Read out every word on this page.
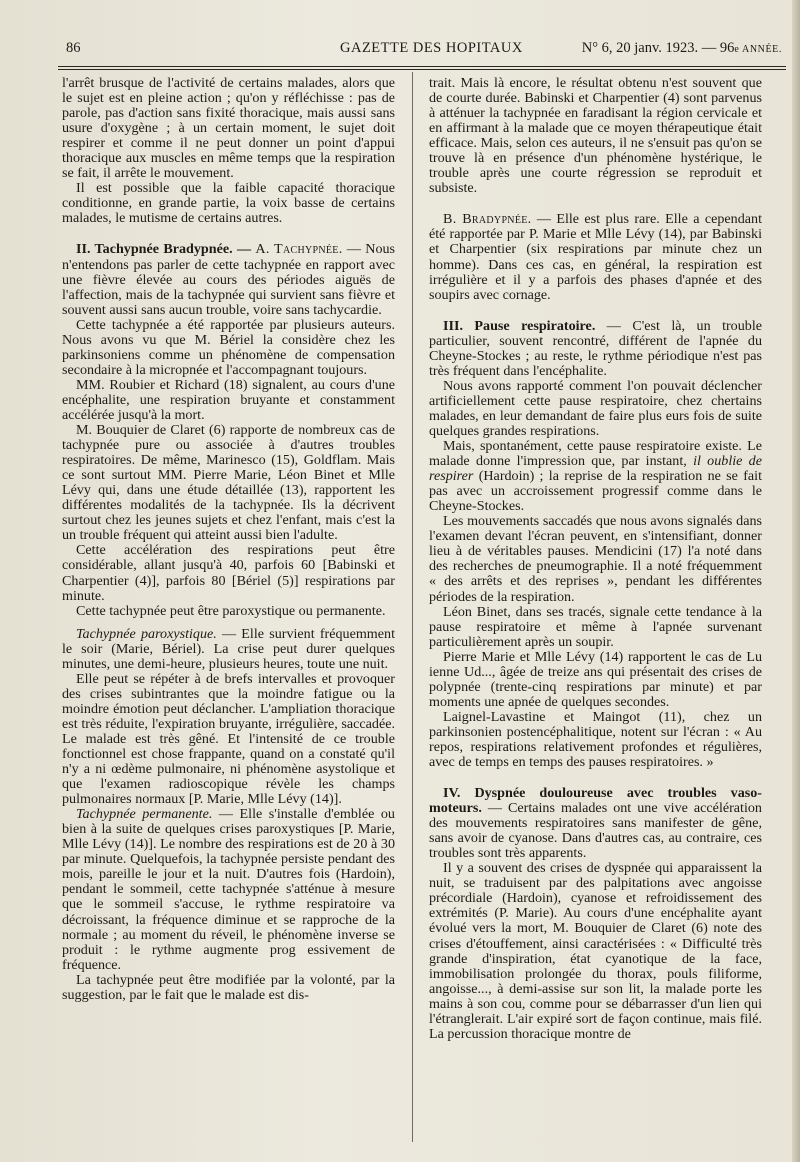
86	GAZETTE DES HOPITAUX	N° 6, 20 janv. 1923. — 96e ANNÉE.

l'arrêt brusque de l'activité de certains malades, alors que le sujet est en pleine action ; qu'on y réfléchisse : pas de parole, pas d'action sans fixité thoracique, mais aussi sans usure d'oxygène ; à un certain moment, le sujet doit respirer et comme il ne peut donner un point d'appui thoracique aux muscles en même temps que la respiration se fait, il arrête le mouvement.

Il est possible que la faible capacité thoracique conditionne, en grande partie, la voix basse de certains malades, le mutisme de certains autres.

II. Tachypnée Bradypnée. — A. Tachypnée. — Nous n'entendons pas parler de cette tachypnée en rapport avec une fièvre élevée au cours des périodes aiguës de l'affection, mais de la tachypnée qui survient sans fièvre et souvent aussi sans aucun trouble, voire sans tachycardie.

Cette tachypnée a été rapportée par plusieurs auteurs. Nous avons vu que M. Bériel la considère chez les parkinsoniens comme un phénomène de compensation secondaire à la micropnée et l'accompagnant toujours.

MM. Roubier et Richard (18) signalent, au cours d'une encéphalite, une respiration bruyante et constamment accélérée jusqu'à la mort.

M. Bouquier de Claret (6) rapporte de nombreux cas de tachypnée pure ou associée à d'autres troubles respiratoires. De même, Marinesco (15), Goldflam. Mais ce sont surtout MM. Pierre Marie, Léon Binet et Mlle Lévy qui, dans une étude détaillée (13), rapportent les différentes modalités de la tachypnée. Ils la décrivent surtout chez les jeunes sujets et chez l'enfant, mais c'est la un trouble fréquent qui atteint aussi bien l'adulte.

Cette accélération des respirations peut être considérable, allant jusqu'à 40, parfois 60 [Babinski et Charpentier (4)], parfois 80 [Bériel (5)] respirations par minute.

Cette tachypnée peut être paroxystique ou permanente.

Tachypnée paroxystique. — Elle survient fréquemment le soir (Marie, Bériel). La crise peut durer quelques minutes, une demi-heure, plusieurs heures, toute une nuit.

Elle peut se répéter à de brefs intervalles et provoquer des crises subintrantes que la moindre fatigue ou la moindre émotion peut déclancher. L'ampliation thoracique est très réduite, l'expiration bruyante, irrégulière, saccadée. Le malade est très gêné. Et l'intensité de ce trouble fonctionnel est chose frappante, quand on a constaté qu'il n'y a ni œdème pulmonaire, ni phénomène asystolique et que l'examen radioscopique révèle les champs pulmonaires normaux [P. Marie, Mlle Lévy (14)].

Tachypnée permanente. — Elle s'installe d'emblée ou bien à la suite de quelques crises paroxystiques [P. Marie, Mlle Lévy (14)]. Le nombre des respirations est de 20 à 30 par minute. Quelquefois, la tachypnée persiste pendant des mois, pareille le jour et la nuit. D'autres fois (Hardoin), pendant le sommeil, cette tachypnée s'atténue à mesure que le sommeil s'accuse, le rythme respiratoire va décroissant, la fréquence diminue et se rapproche de la normale ; au moment du réveil, le phénomène inverse se produit : le rythme augmente prog essivement de fréquence.

La tachypnée peut être modifiée par la volonté, par la suggestion, par le fait que le malade est dis-

trait. Mais là encore, le résultat obtenu n'est souvent que de courte durée. Babinski et Charpentier (4) sont parvenus à atténuer la tachypnée en faradisant la région cervicale et en affirmant à la malade que ce moyen thérapeutique était efficace. Mais, selon ces auteurs, il ne s'ensuit pas qu'on se trouve là en présence d'un phénomène hystérique, le trouble après une courte régression se reproduit et subsiste.

B. Bradypnée. — Elle est plus rare. Elle a cependant été rapportée par P. Marie et Mlle Lévy (14), par Babinski et Charpentier (six respirations par minute chez un homme). Dans ces cas, en général, la respiration est irrégulière et il y a parfois des phases d'apnée et des soupirs avec cornage.

III. Pause respiratoire. — C'est là, un trouble particulier, souvent rencontré, différent de l'apnée du Cheyne-Stockes ; au reste, le rythme périodique n'est pas très fréquent dans l'encéphalite.

Nous avons rapporté comment l'on pouvait déclencher artificiellement cette pause respiratoire, chez chertains malades, en leur demandant de faire plus eurs fois de suite quelques grandes respirations.

Mais, spontanément, cette pause respiratoire existe. Le malade donne l'impression que, par instant, il oublie de respirer (Hardoin) ; la reprise de la respiration ne se fait pas avec un accroissement progressif comme dans le Cheyne-Stockes.

Les mouvements saccadés que nous avons signalés dans l'examen devant l'écran peuvent, en s'intensifiant, donner lieu à de véritables pauses. Mendicini (17) l'a noté dans des recherches de pneumographie. Il a noté fréquemment « des arrêts et des reprises », pendant les différentes périodes de la respiration.

Léon Binet, dans ses tracés, signale cette tendance à la pause respiratoire et même à l'apnée survenant particulièrement après un soupir.

Pierre Marie et Mlle Lévy (14) rapportent le cas de Lu ienne Ud..., âgée de treize ans qui présentait des crises de polypnée (trente-cinq respirations par minute) et par moments une apnée de quelques secondes.

Laignel-Lavastine et Maingot (11), chez un parkinsonien postencéphalitique, notent sur l'écran : « Au repos, respirations relativement profondes et régulières, avec de temps en temps des pauses respiratoires. »

IV. Dyspnée douloureuse avec troubles vaso-moteurs. — Certains malades ont une vive accélération des mouvements respiratoires sans manifester de gêne, sans avoir de cyanose. Dans d'autres cas, au contraire, ces troubles sont très apparents.

Il y a souvent des crises de dyspnée qui apparaissent la nuit, se traduisent par des palpitations avec angoisse précordiale (Hardoin), cyanose et refroidissement des extrémités (P. Marie). Au cours d'une encéphalite ayant évolué vers la mort, M. Bouquier de Claret (6) note des crises d'étouffement, ainsi caractérisées : « Difficulté très grande d'inspiration, état cyanotique de la face, immobilisation prolongée du thorax, pouls filiforme, angoisse..., à demi-assise sur son lit, la malade porte les mains à son cou, comme pour se débarrasser d'un lien qui l'étranglerait. L'air expiré sort de façon continue, mais filé. La percussion thoracique montre de
